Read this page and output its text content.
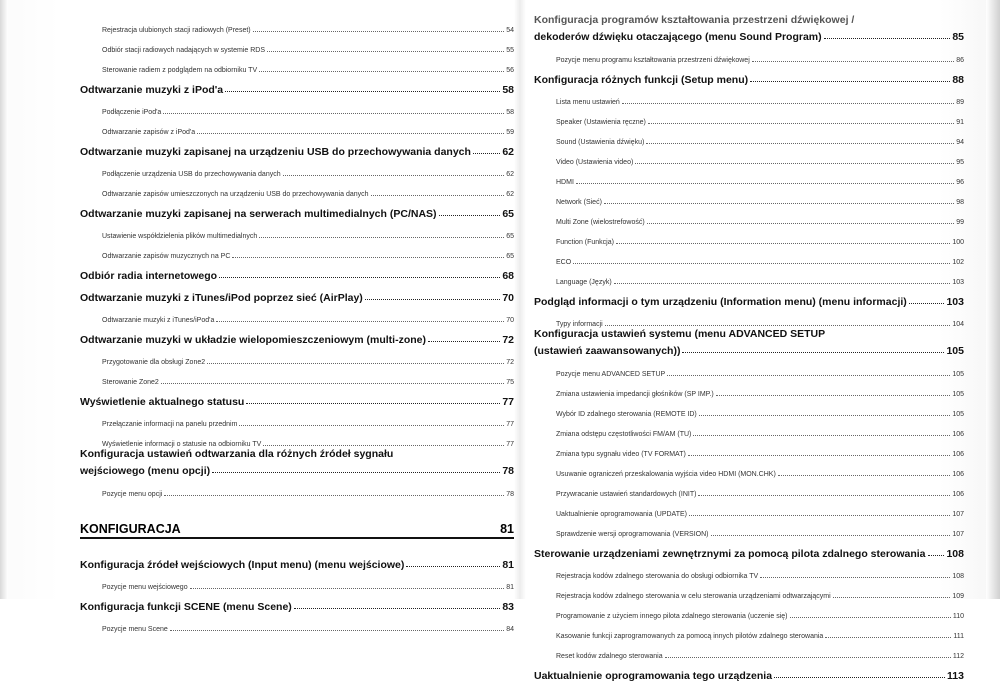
Rejestracja ulubionych stacji radiowych (Preset)	54
Odbiór stacji radiowych nadających w systemie RDS	55
Sterowanie radiem z podglądem na odbiorniku TV	56
Odtwarzanie muzyki z iPod'a	58
Podłączenie iPod'a	58
Odtwarzanie zapisów z iPod'a	59
Odtwarzanie muzyki zapisanej na urządzeniu USB do przechowywania danych	62
Podłączenie urządzenia USB do przechowywania danych	62
Odtwarzanie zapisów umieszczonych na urządzeniu USB do przechowywania danych	62
Odtwarzanie muzyki zapisanej na serwerach multimedialnych (PC/NAS)	65
Ustawienie współdzielenia plików multimedialnych	65
Odtwarzanie zapisów muzycznych na PC	65
Odbiór radia internetowego	68
Odtwarzanie muzyki z iTunes/iPod poprzez sieć (AirPlay)	70
Odtwarzanie muzyki z iTunes/iPod'a	70
Odtwarzanie muzyki w układzie wielopomieszczeniowym (multi-zone)	72
Przygotowanie dla obsługi Zone2	72
Sterowanie Zone2	75
Wyświetlenie aktualnego statusu	77
Przełączanie informacji na panelu przednim	77
Wyświetlenie informacji o statusie na odbiorniku TV	77
Konfiguracja ustawień odtwarzania dla różnych źródeł sygnału
wejściowego (menu opcji)	78
Pozycje menu opcji	78
KONFIGURACJA	81
Konfiguracja źródeł wejściowych (Input menu) (menu wejściowe)	81
Pozycje menu wejściowego	81
Konfiguracja funkcji SCENE (menu Scene)	83
Pozycje menu Scene	84
Konfiguracja programów kształtowania przestrzeni dźwiękowej /
dekoderów dźwięku otaczającego (menu Sound Program)	85
Pozycje menu programu kształtowania przestrzeni dźwiękowej	86
Konfiguracja różnych funkcji (Setup menu)	88
Lista menu ustawień	89
Speaker (Ustawienia ręczne)	91
Sound (Ustawienia dźwięku)	94
Video (Ustawienia video)	95
HDMI	96
Network (Sieć)	98
Multi Zone (wielostrefowość)	99
Function (Funkcja)	100
ECO	102
Language (Język)	103
Podgląd informacji o tym urządzeniu (Information menu) (menu informacji)	103
Typy informacji	104
Konfiguracja ustawień systemu (menu ADVANCED SETUP
(ustawień zaawansowanych))	105
Pozycje menu ADVANCED SETUP	105
Zmiana ustawienia impedancji głośników (SP IMP.)	105
Wybór ID zdalnego sterowania (REMOTE ID)	105
Zmiana odstępu częstotliwości FM/AM (TU)	106
Zmiana typu sygnału video (TV FORMAT)	106
Usuwanie ograniczeń przeskalowania wyjścia video HDMI (MON.CHK)	106
Przywracanie ustawień standardowych (INIT)	106
Uaktualnienie oprogramowania (UPDATE)	107
Sprawdzenie wersji oprogramowania (VERSION)	107
Sterowanie urządzeniami zewnętrznymi za pomocą pilota zdalnego sterowania 108
Rejestracja kodów zdalnego sterowania do obsługi odbiornika TV	108
Rejestracja kodów zdalnego sterowania w celu sterowania urządzeniami odtwarzającymi	109
Programowanie z użyciem innego pilota zdalnego sterowania (uczenie się)	110
Kasowanie funkcji zaprogramowanych za pomocą innych pilotów zdalnego sterowania	111
Reset kodów zdalnego sterowania	112
Uaktualnienie oprogramowania tego urządzenia	113
